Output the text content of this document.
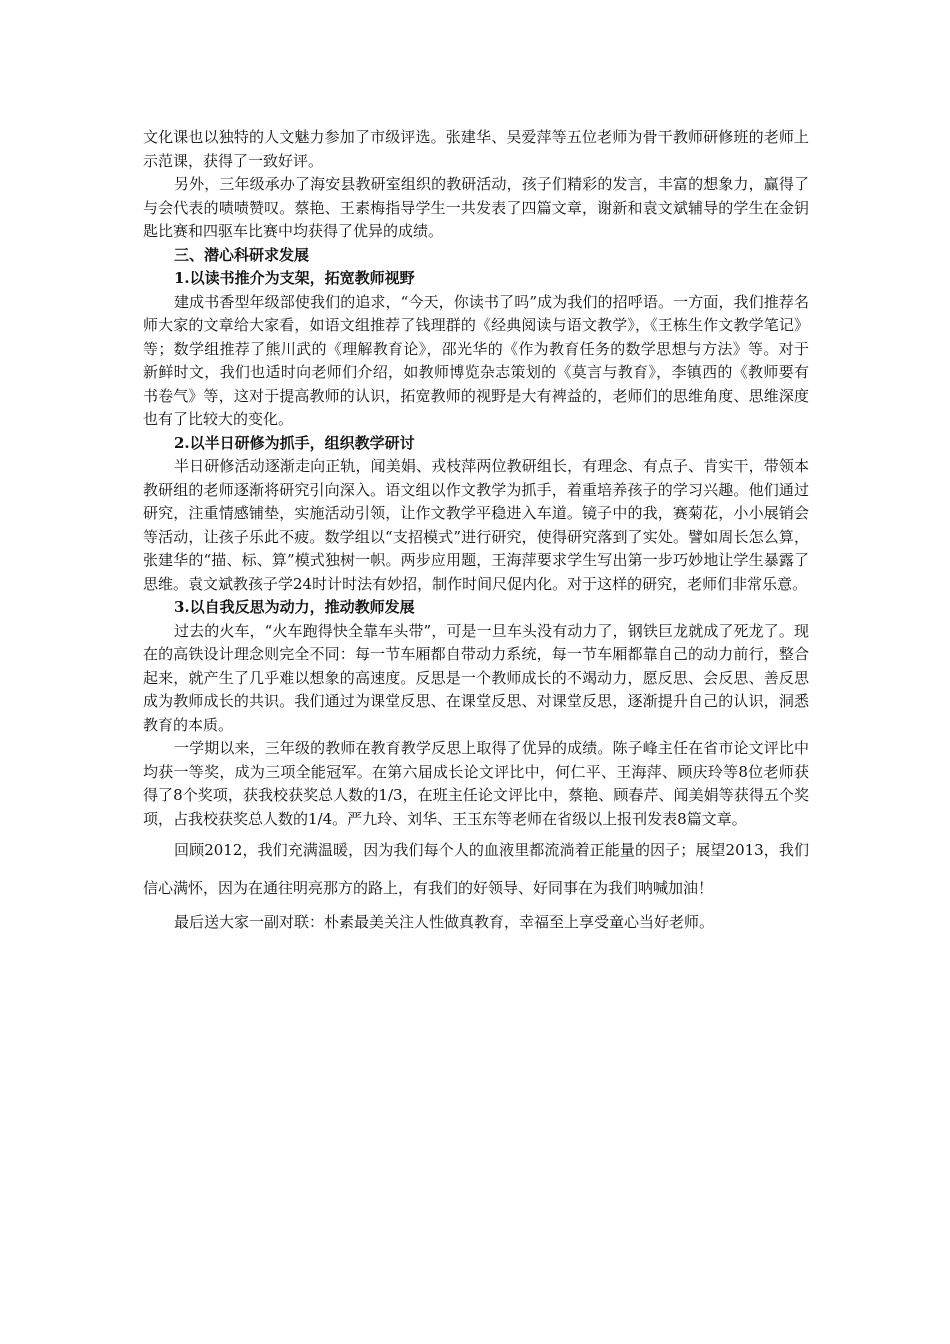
文化课也以独特的人文魅力参加了市级评选。张建华、吴爱萍等五位老师为骨干教师研修班的老师上示范课，获得了一致好评。

另外，三年级承办了海安县教研室组织的教研活动，孩子们精彩的发言，丰富的想象力，赢得了与会代表的啧啧赞叹。蔡艳、王素梅指导学生一共发表了四篇文章，谢新和袁文斌辅导的学生在金钥匙比赛和四驱车比赛中均获得了优异的成绩。

三、潜心科研求发展

1.以读书推介为支架，拓宽教师视野

建成书香型年级部使我们的追求，“今天，你读书了吗”成为我们的招呼语。一方面，我们推荐名师大家的文章给大家看，如语文组推荐了钱理群的《经典阅读与语文教学》，《王栋生作文教学笔记》等；数学组推荐了熊川武的《理解教育论》，邵光华的《作为教育任务的数学思想与方法》等。对于新鲜时文，我们也适时向老师们介绍，如教师博览杂志策划的《莫言与教育》，李镇西的《教师要有书卷气》等，这对于提高教师的认识，拓宽教师的视野是大有裨益的，老师们的思维角度、思维深度也有了比较大的变化。

2.以半日研修为抓手，组织教学研讨

半日研修活动逐渐走向正轨，闻美娟、戎枝萍两位教研组长，有理念、有点子、肯实干，带领本教研组的老师逐渐将研究引向深入。语文组以作文教学为抓手，着重培养孩子的学习兴趣。他们通过研究，注重情感铺垫，实施活动引领，让作文教学平稳进入车道。镜子中的我，赛菊花，小小展销会等活动，让孩子乐此不疲。数学组以“支招模式”进行研究，使得研究落到了实处。譬如周长怎么算，张建华的“描、标、算”模式独树一帜。两步应用题，王海萍要求学生写出第一步巧妙地让学生暴露了思维。袁文斌教孩子学24时计时法有妙招，制作时间尺促内化。对于这样的研究，老师们非常乐意。

3.以自我反思为动力，推动教师发展

过去的火车，“火车跑得快全靠车头带”，可是一旦车头没有动力了，钢铁巨龙就成了死龙了。现在的高铁设计理念则完全不同：每一节车厢都自带动力系统，每一节车厢都靠自己的动力前行，整合起来，就产生了几乎难以想象的高速度。反思是一个教师成长的不竭动力，愿反思、会反思、善反思成为教师成长的共识。我们通过为课堂反思、在课堂反思、对课堂反思，逐渐提升自己的认识，洞悉教育的本质。

一学期以来，三年级的教师在教育教学反思上取得了优异的成绩。陈子峰主任在省市论文评比中均获一等奖，成为三项全能冠军。在第六届成长论文评比中，何仁平、王海萍、顾庆玲等8位老师获得了8个奖项，获我校获奖总人数的1/3，在班主任论文评比中，蔡艳、顾春芹、闻美娟等获得五个奖项，占我校获奖总人数的1/4。严九玲、刘华、王玉东等老师在省级以上报刊发表8篇文章。

回顾2012，我们充满温暖，因为我们每个人的血液里都流淌着正能量的因子；展望2013，我们信心满怀，因为在通往明亮那方的路上，有我们的好领导、好同事在为我们呐喊加油！

最后送大家一副对联：朴素最美关注人性做真教育，幸福至上享受童心当好老师。
